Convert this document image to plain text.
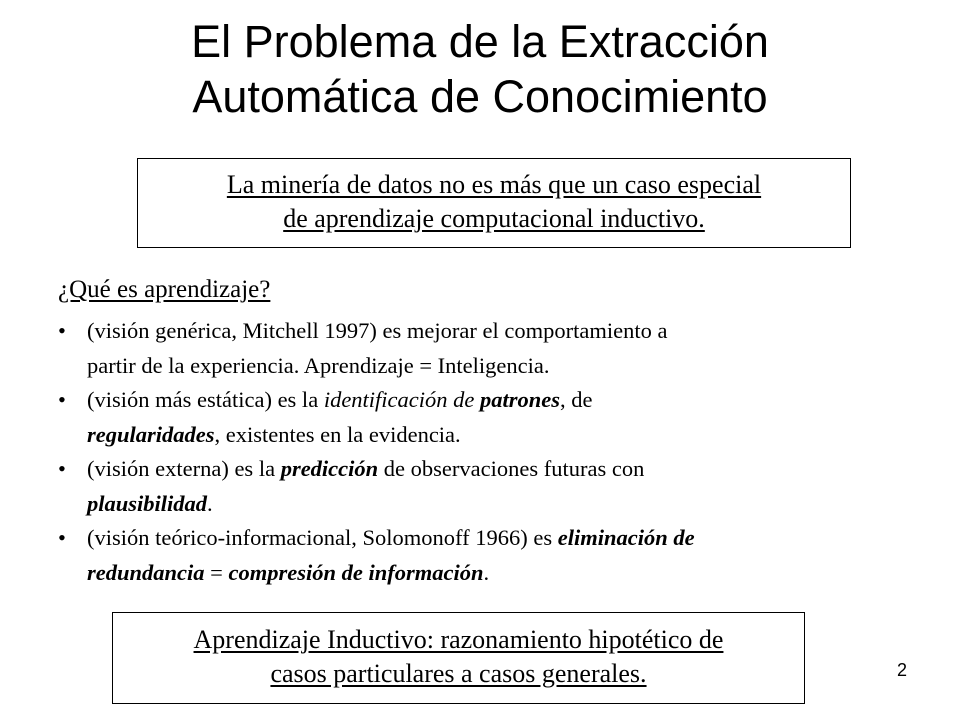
El Problema de la Extracción
Automática de Conocimiento
La minería de datos no es más que un caso especial
de aprendizaje computacional inductivo.
¿Qué es aprendizaje?
• (visión genérica, Mitchell 1997) es mejorar el comportamiento a
partir de la experiencia. Aprendizaje = Inteligencia.
• (visión más estática) es la identificación de patrones, de
regularidades, existentes en la evidencia.
• (visión externa) es la predicción de observaciones futuras con
plausibilidad.
• (visión teórico-informacional, Solomonoff 1966) es eliminación de
redundancia = compresión de información.
Aprendizaje Inductivo: razonamiento hipotético de
casos particulares a casos generales.	2
